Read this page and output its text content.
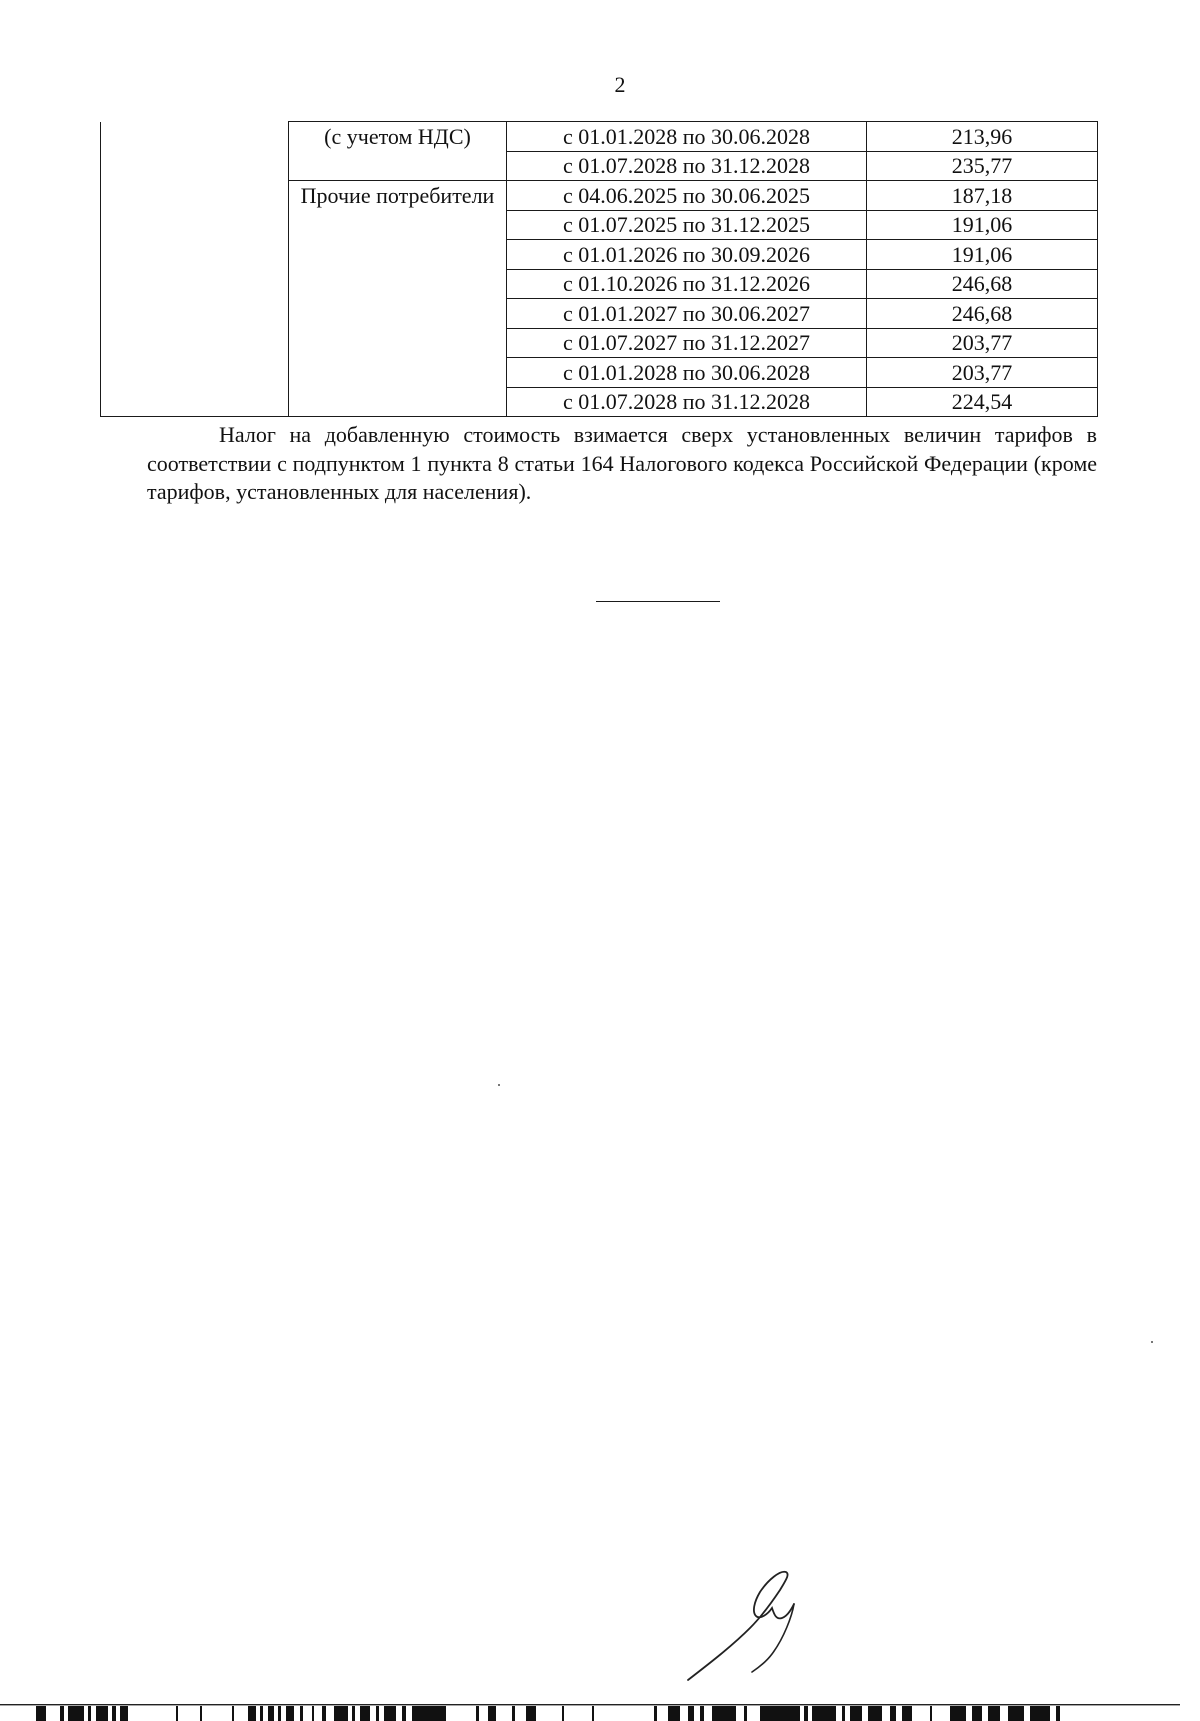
2
	(с учетом НДС)	с 01.01.2028 по 30.06.2028	213,96
		с 01.07.2028 по 31.12.2028	235,77
	Прочие потребители	с 04.06.2025 по 30.06.2025	187,18
		с 01.07.2025 по 31.12.2025	191,06
		с 01.01.2026 по 30.09.2026	191,06
		с 01.10.2026 по 31.12.2026	246,68
		с 01.01.2027 по 30.06.2027	246,68
		с 01.07.2027 по 31.12.2027	203,77
		с 01.01.2028 по 30.06.2028	203,77
		с 01.07.2028 по 31.12.2028	224,54

Налог на добавленную стоимость взимается сверх установленных величин тарифов в соответствии с подпунктом 1 пункта 8 статьи 164 Налогового кодекса Российской Федерации (кроме тарифов, установленных для населения).
